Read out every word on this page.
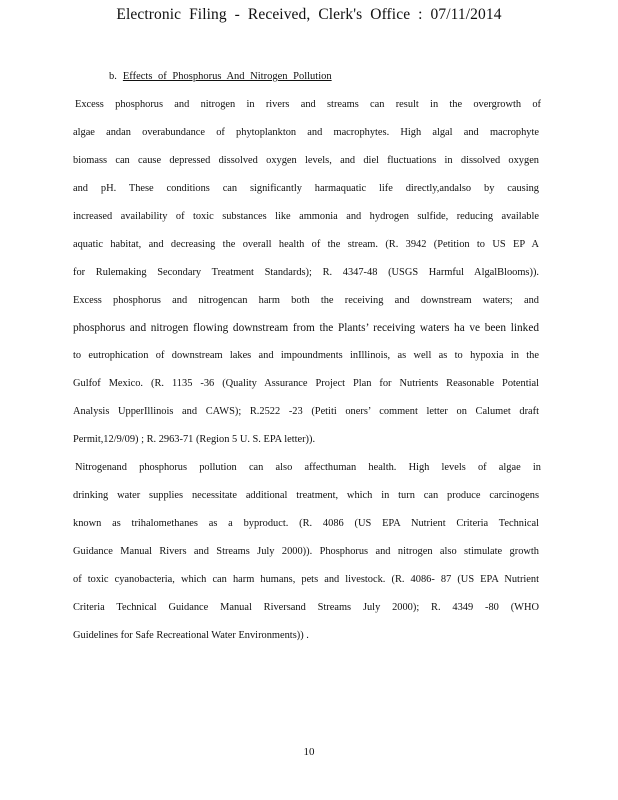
Electronic Filing - Received, Clerk's Office : 07/11/2014
b. Effects of Phosphorus And Nitrogen Pollution
Excess phosphorus and nitrogen in rivers and streams can result in the overgrowth of
algae andan overabundance of phytoplankton and macrophytes. High algal and macrophyte
biomass can cause depressed dissolved oxygen levels, and diel fluctuations in dissolved oxygen
and pH. These conditions can significantly harmaquatic life directly,andalso by causing
increased availability of toxic substances like ammonia and hydrogen sulfide, reducing available
aquatic habitat, and decreasing the overall health of the stream. (R. 3942 (Petition to US EP A
for Rulemaking Secondary Treatment Standards); R. 4347-48 (USGS Harmful AlgalBlooms)).
Excess phosphorus and nitrogencan harm both the receiving and downstream waters; and
phosphorus and nitrogen flowing downstream from the Plants’ receiving waters ha ve been linked
to eutrophication of downstream lakes and impoundments inIllinois, as well as to hypoxia in the
Gulfof Mexico. (R. 1135 -36 (Quality Assurance Project Plan for Nutrients Reasonable Potential
Analysis UpperIllinois and CAWS); R.2522 -23 (Petiti oners’ comment letter on Calumet draft
Permit,12/9/09) ; R. 2963-71 (Region 5 U. S. EPA letter)).
Nitrogenand phosphorus pollution can also affecthuman health. High levels of algae in
drinking water supplies necessitate additional treatment, which in turn can produce carcinogens
known as trihalomethanes as a byproduct. (R. 4086 (US EPA Nutrient Criteria Technical
Guidance Manual Rivers and Streams July 2000)). Phosphorus and nitrogen also stimulate growth
of toxic cyanobacteria, which can harm humans, pets and livestock. (R. 4086- 87 (US EPA Nutrient
Criteria Technical Guidance Manual Riversand Streams July 2000); R. 4349 -80 (WHO
Guidelines for Safe Recreational Water Environments)) .
10
